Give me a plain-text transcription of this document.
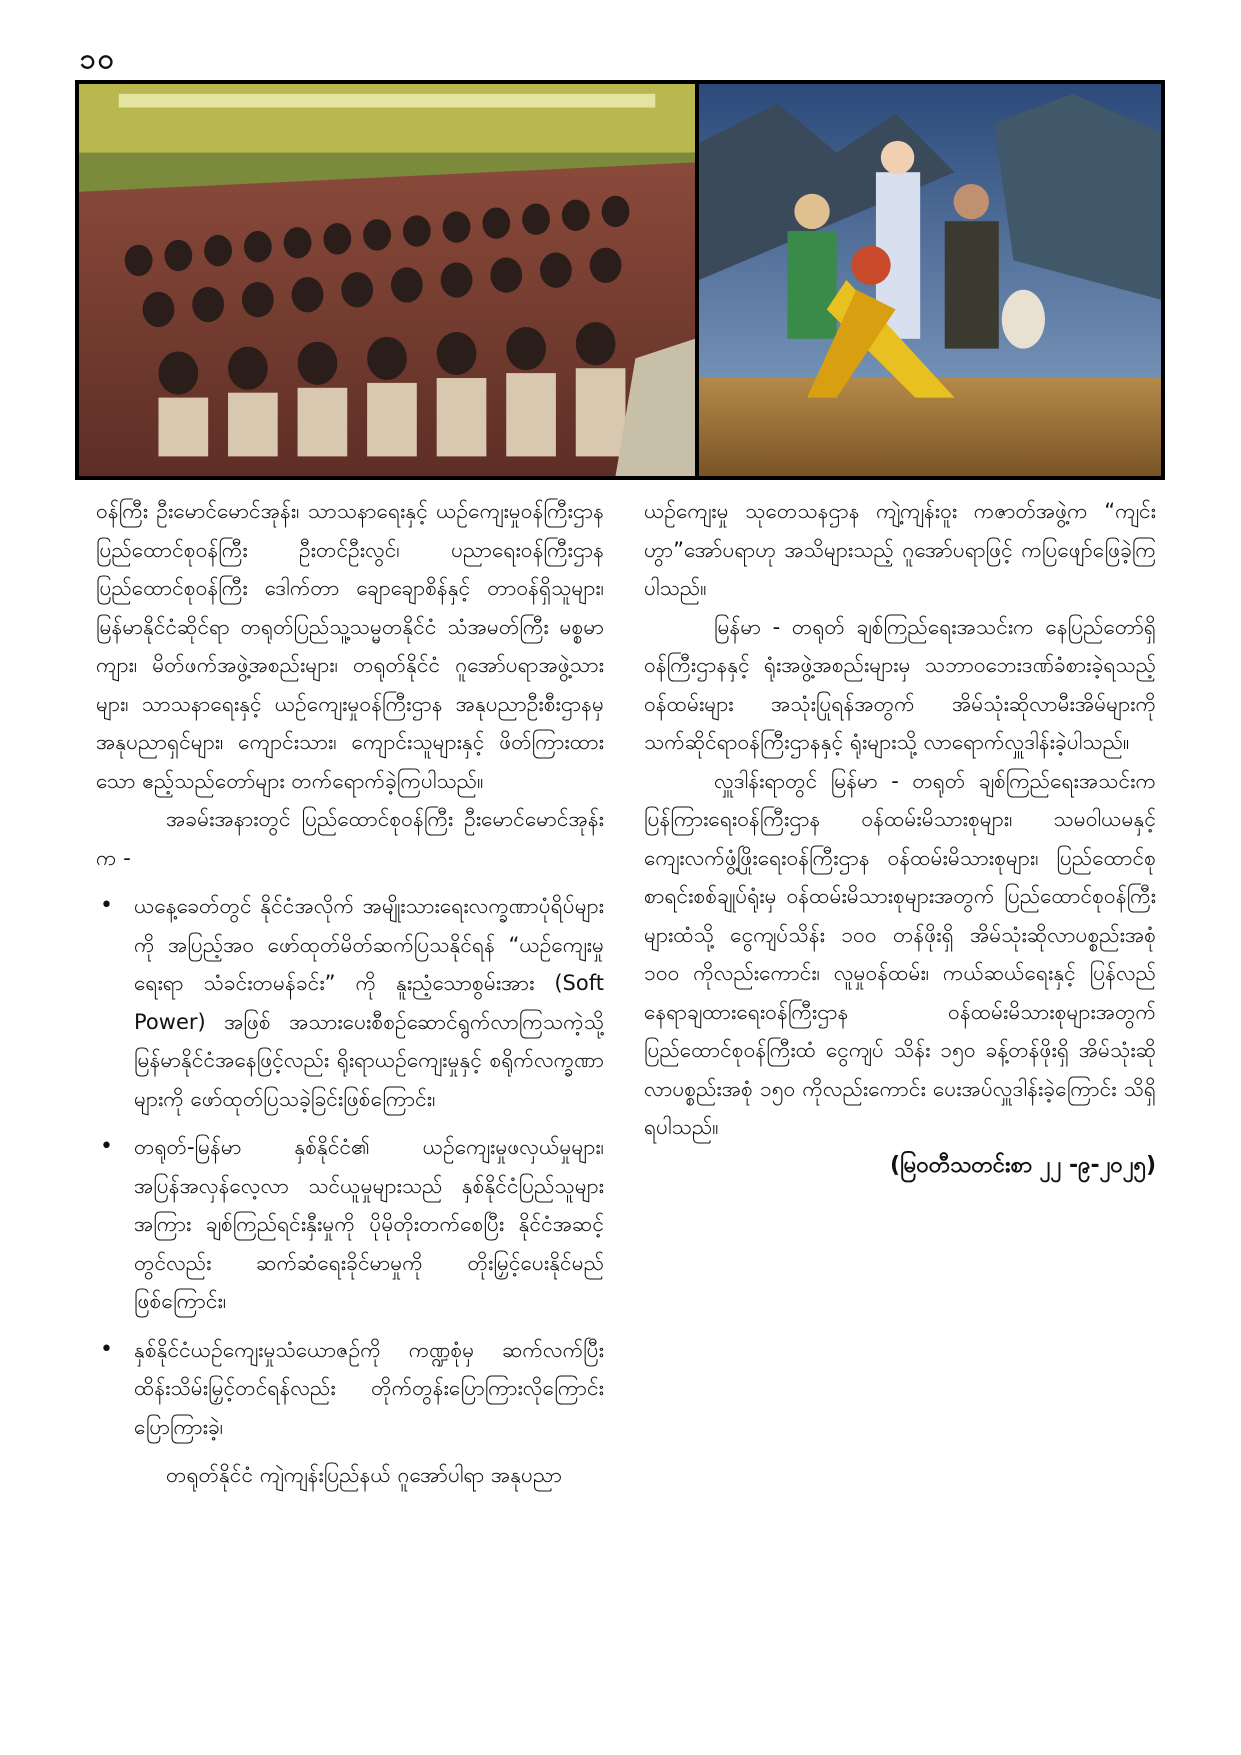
၁၀

ဝန်ကြီး ဦးမောင်မောင်အုန်း၊ သာသနာရေးနှင့် ယဉ်ကျေးမှုဝန်ကြီးဌာန ပြည်ထောင်စုဝန်ကြီး ဦးတင်ဦးလွင်၊ ပညာရေးဝန်ကြီးဌာန ပြည်ထောင်စုဝန်ကြီး ဒေါက်တာ ချောချောစိန်နှင့် တာဝန်ရှိသူများ၊ မြန်မာနိုင်ငံဆိုင်ရာ တရုတ်ပြည်သူ့သမ္မတနိုင်ငံ သံအမတ်ကြီး မစ္စမာကျား၊ မိတ်ဖက်အဖွဲ့အစည်းများ၊ တရုတ်နိုင်ငံ ဂူအော်ပရာအဖွဲ့သားများ၊ သာသနာရေးနှင့် ယဉ်ကျေးမှုဝန်ကြီးဌာန အနုပညာဦးစီးဌာနမှ အနုပညာရှင်များ၊ ကျောင်းသား၊ ကျောင်းသူများနှင့် ဖိတ်ကြားထားသော ဧည့်သည်တော်များ တက်ရောက်ခဲ့ကြပါသည်။

အခမ်းအနားတွင် ပြည်ထောင်စုဝန်ကြီး ဦးမောင်မောင်အုန်းက -

• ယနေ့ခေတ်တွင် နိုင်ငံအလိုက် အမျိုးသားရေးလက္ခဏာပုံရိပ်များကို အပြည့်အဝ ဖော်ထုတ်မိတ်ဆက်ပြသနိုင်ရန် “ယဉ်ကျေးမှုရေးရာ သံခင်းတမန်ခင်း” ကို နူးညံ့သောစွမ်းအား (Soft Power) အဖြစ် အသားပေးစီစဉ်ဆောင်ရွက်လာကြသကဲ့သို့ မြန်မာနိုင်ငံအနေဖြင့်လည်း ရိုးရာယဉ်ကျေးမှုနှင့် စရိုက်လက္ခဏာများကို ဖော်ထုတ်ပြသခဲ့ခြင်းဖြစ်ကြောင်း၊
• တရုတ်-မြန်မာ နှစ်နိုင်ငံ၏ ယဉ်ကျေးမှုဖလှယ်မှုများ၊ အပြန်အလှန်လေ့လာ သင်ယူမှုများသည် နှစ်နိုင်ငံပြည်သူများအကြား ချစ်ကြည်ရင်းနှီးမှုကို ပိုမိုတိုးတက်စေပြီး နိုင်ငံအဆင့်တွင်လည်း ဆက်ဆံရေးခိုင်မာမှုကို တိုးမြှင့်ပေးနိုင်မည်ဖြစ်ကြောင်း၊
• နှစ်နိုင်ငံယဉ်ကျေးမှုသံယောဇဉ်ကို ကဏ္ဍစုံမှ ဆက်လက်ပြီး ထိန်းသိမ်းမြှင့်တင်ရန်လည်း တိုက်တွန်းပြောကြားလိုကြောင်း ပြောကြားခဲ့၊

တရုတ်နိုင်ငံ ကျဲကျန်းပြည်နယ် ဂူအော်ပါရာ အနုပညာ

ယဉ်ကျေးမှု သုတေသနဌာန ကျဲ့ကျန်းဝူး ကဇာတ်အဖွဲ့က “ကျင်းဟွာ”အော်ပရာဟု အသိများသည့် ဂူအော်ပရာဖြင့် ကပြဖျော်ဖြေခဲ့ကြပါသည်။

မြန်မာ - တရုတ် ချစ်ကြည်ရေးအသင်းက နေပြည်တော်ရှိဝန်ကြီးဌာနနှင့် ရုံးအဖွဲ့အစည်းများမှ သဘာဝဘေးဒဏ်ခံစားခဲ့ရသည့် ဝန်ထမ်းများ အသုံးပြုရန်အတွက် အိမ်သုံးဆိုလာမီးအိမ်များကို သက်ဆိုင်ရာဝန်ကြီးဌာနနှင့် ရုံးများသို့ လာရောက်လှူဒါန်းခဲ့ပါသည်။

လှူဒါန်းရာတွင် မြန်မာ - တရုတ် ချစ်ကြည်ရေးအသင်းက ပြန်ကြားရေးဝန်ကြီးဌာန ဝန်ထမ်းမိသားစုများ၊ သမဝါယမနှင့် ကျေးလက်ဖွံ့ဖြိုးရေးဝန်ကြီးဌာန ဝန်ထမ်းမိသားစုများ၊ ပြည်ထောင်စုစာရင်းစစ်ချုပ်ရုံးမှ ဝန်ထမ်းမိသားစုများအတွက် ပြည်ထောင်စုဝန်ကြီးများထံသို့ ငွေကျပ်သိန်း ၁၀၀ တန်ဖိုးရှိ အိမ်သုံးဆိုလာပစ္စည်းအစုံ ၁၀၀ ကိုလည်းကောင်း၊ လူမှုဝန်ထမ်း၊ ကယ်ဆယ်ရေးနှင့် ပြန်လည်နေရာချထားရေးဝန်ကြီးဌာန ဝန်ထမ်းမိသားစုများအတွက် ပြည်ထောင်စုဝန်ကြီးထံ ငွေကျပ် သိန်း ၁၅၀ ခန့်တန်ဖိုးရှိ အိမ်သုံးဆိုလာပစ္စည်းအစုံ ၁၅၀ ကိုလည်းကောင်း ပေးအပ်လှူဒါန်းခဲ့ကြောင်း သိရှိရပါသည်။

(မြဝတီသတင်းစာ ၂၂ -၉-၂၀၂၅)
